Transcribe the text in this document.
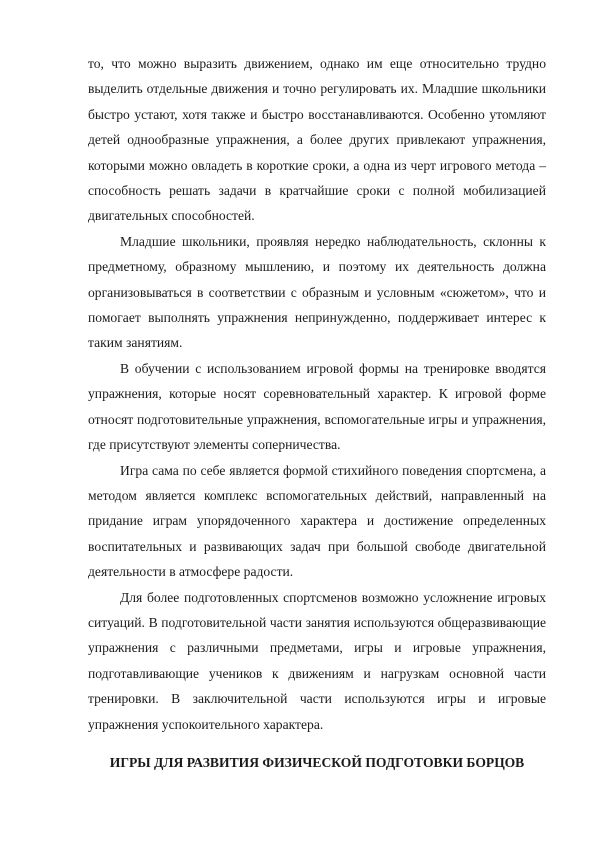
то, что можно выразить движением, однако им еще относительно трудно выделить отдельные движения и точно регулировать их. Младшие школьники быстро устают, хотя также и быстро восстанавливаются. Особенно утомляют детей однообразные упражнения, а более других привлекают упражнения, которыми можно овладеть в короткие сроки, а одна из черт игрового метода – способность решать задачи в кратчайшие сроки с полной мобилизацией двигательных способностей.

Младшие школьники, проявляя нередко наблюдательность, склонны к предметному, образному мышлению, и поэтому их деятельность должна организовываться в соответствии с образным и условным «сюжетом», что и помогает выполнять упражнения непринужденно, поддерживает интерес к таким занятиям.

В обучении с использованием игровой формы на тренировке вводятся упражнения, которые носят соревновательный характер. К игровой форме относят подготовительные упражнения, вспомогательные игры и упражнения, где присутствуют элементы соперничества.

Игра сама по себе является формой стихийного поведения спортсмена, а методом является комплекс вспомогательных действий, направленный на придание играм упорядоченного характера и достижение определенных воспитательных и развивающих задач при большой свободе двигательной деятельности в атмосфере радости.

Для более подготовленных спортсменов возможно усложнение игровых ситуаций. В подготовительной части занятия используются общеразвивающие упражнения с различными предметами, игры и игровые упражнения, подготавливающие учеников к движениям и нагрузкам основной части тренировки. В заключительной части используются игры и игровые упражнения успокоительного характера.

ИГРЫ ДЛЯ РАЗВИТИЯ ФИЗИЧЕСКОЙ ПОДГОТОВКИ БОРЦОВ
